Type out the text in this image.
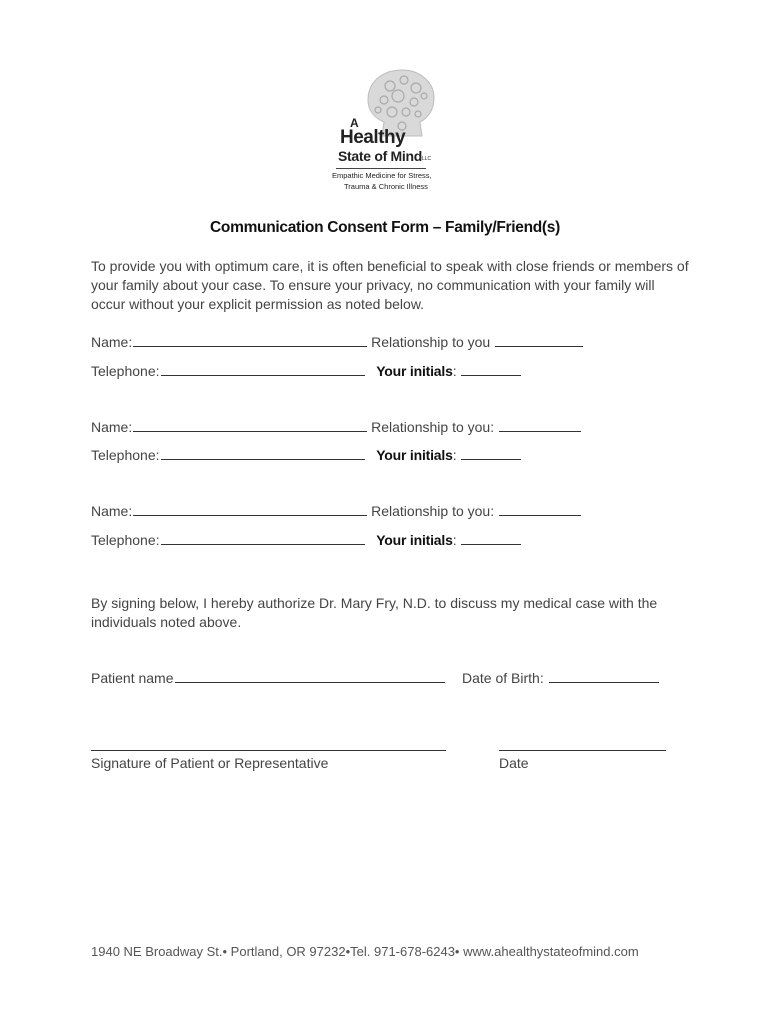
A
Healthy
State of Mind LLC
Empathic Medicine for Stress,
Trauma & Chronic Illness
Communication Consent Form – Family/Friend(s)
To provide you with optimum care, it is often beneficial to speak with close friends or members of your family about your case. To ensure your privacy, no communication with your family will occur without your explicit permission as noted below.
Name:	Relationship to you
Telephone:	Your initials:
Name:	Relationship to you:
Telephone:	Your initials:
Name:	Relationship to you:
Telephone:	Your initials:
By signing below, I hereby authorize Dr. Mary Fry, N.D. to discuss my medical case with the individuals noted above.
Patient name	Date of Birth:
Signature of Patient or Representative	Date
1940 NE Broadway St.• Portland, OR 97232•Tel. 971-678-6243• www.ahealthystateofmind.com
